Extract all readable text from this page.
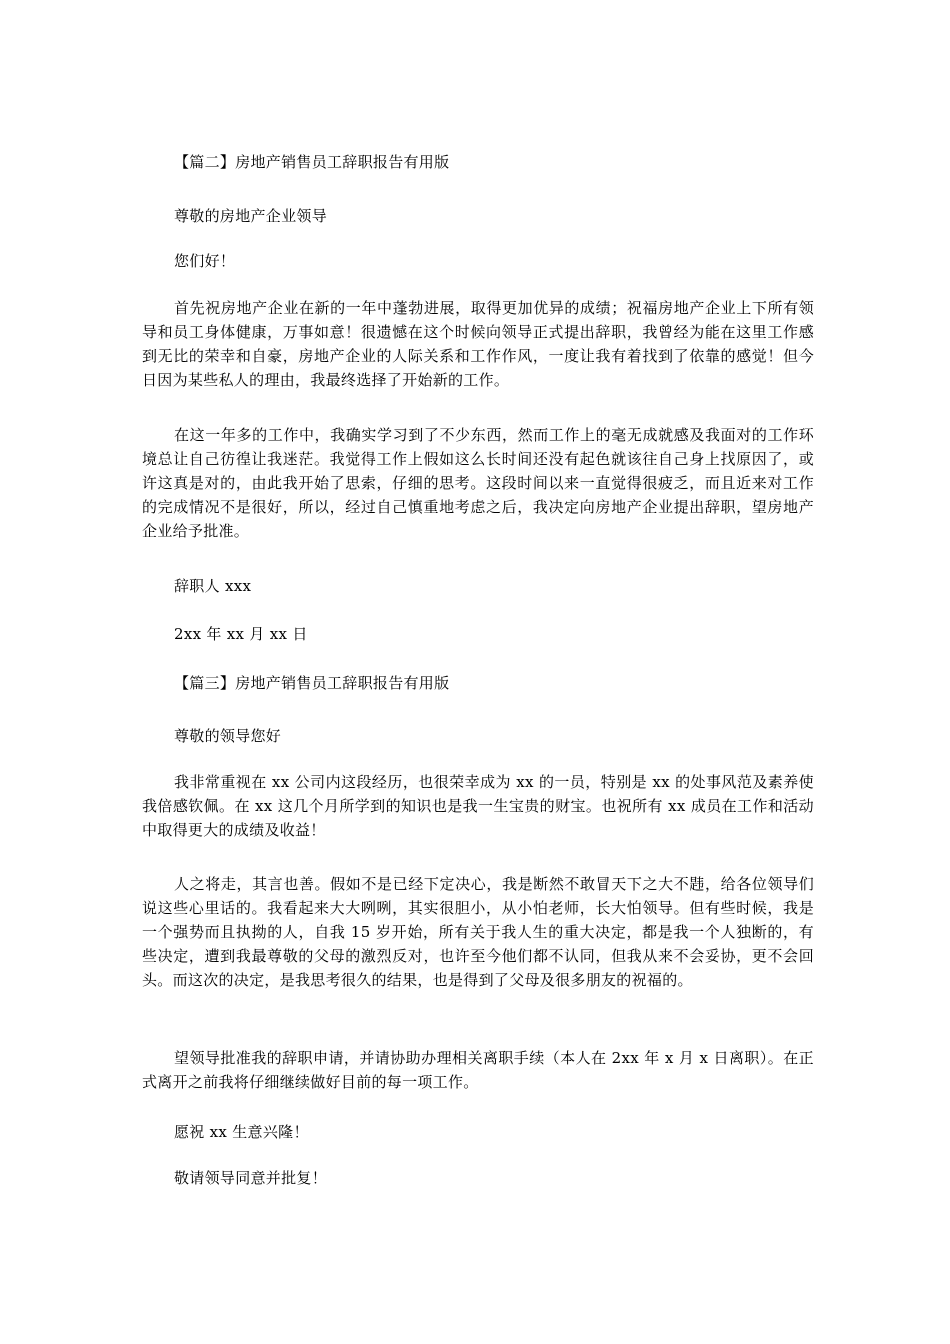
【篇二】房地产销售员工辞职报告有用版

尊敬的房地产企业领导

您们好！

首先祝房地产企业在新的一年中蓬勃进展，取得更加优异的成绩；祝福房地产企业上下所有领导和员工身体健康，万事如意！很遗憾在这个时候向领导正式提出辞职，我曾经为能在这里工作感到无比的荣幸和自豪，房地产企业的人际关系和工作作风，一度让我有着找到了依靠的感觉！但今日因为某些私人的理由，我最终选择了开始新的工作。

在这一年多的工作中，我确实学习到了不少东西，然而工作上的毫无成就感及我面对的工作环境总让自己彷徨让我迷茫。我觉得工作上假如这么长时间还没有起色就该往自己身上找原因了，或许这真是对的，由此我开始了思索，仔细的思考。这段时间以来一直觉得很疲乏，而且近来对工作的完成情况不是很好，所以，经过自己慎重地考虑之后，我决定向房地产企业提出辞职，望房地产企业给予批准。

辞职人 xxx

2xx 年 xx 月 xx 日

【篇三】房地产销售员工辞职报告有用版

尊敬的领导您好

我非常重视在 xx 公司内这段经历，也很荣幸成为 xx 的一员，特别是 xx 的处事风范及素养使我倍感钦佩。在 xx 这几个月所学到的知识也是我一生宝贵的财宝。也祝所有 xx 成员在工作和活动中取得更大的成绩及收益！

人之将走，其言也善。假如不是已经下定决心，我是断然不敢冒天下之大不韪，给各位领导们说这些心里话的。我看起来大大咧咧，其实很胆小，从小怕老师，长大怕领导。但有些时候，我是一个强势而且执拗的人，自我 15 岁开始，所有关于我人生的重大决定，都是我一个人独断的，有些决定，遭到我最尊敬的父母的激烈反对，也许至今他们都不认同，但我从来不会妥协，更不会回头。而这次的决定，是我思考很久的结果，也是得到了父母及很多朋友的祝福的。

望领导批准我的辞职申请，并请协助办理相关离职手续（本人在 2xx 年 x 月 x 日离职）。在正式离开之前我将仔细继续做好目前的每一项工作。

愿祝 xx 生意兴隆！

敬请领导同意并批复！
